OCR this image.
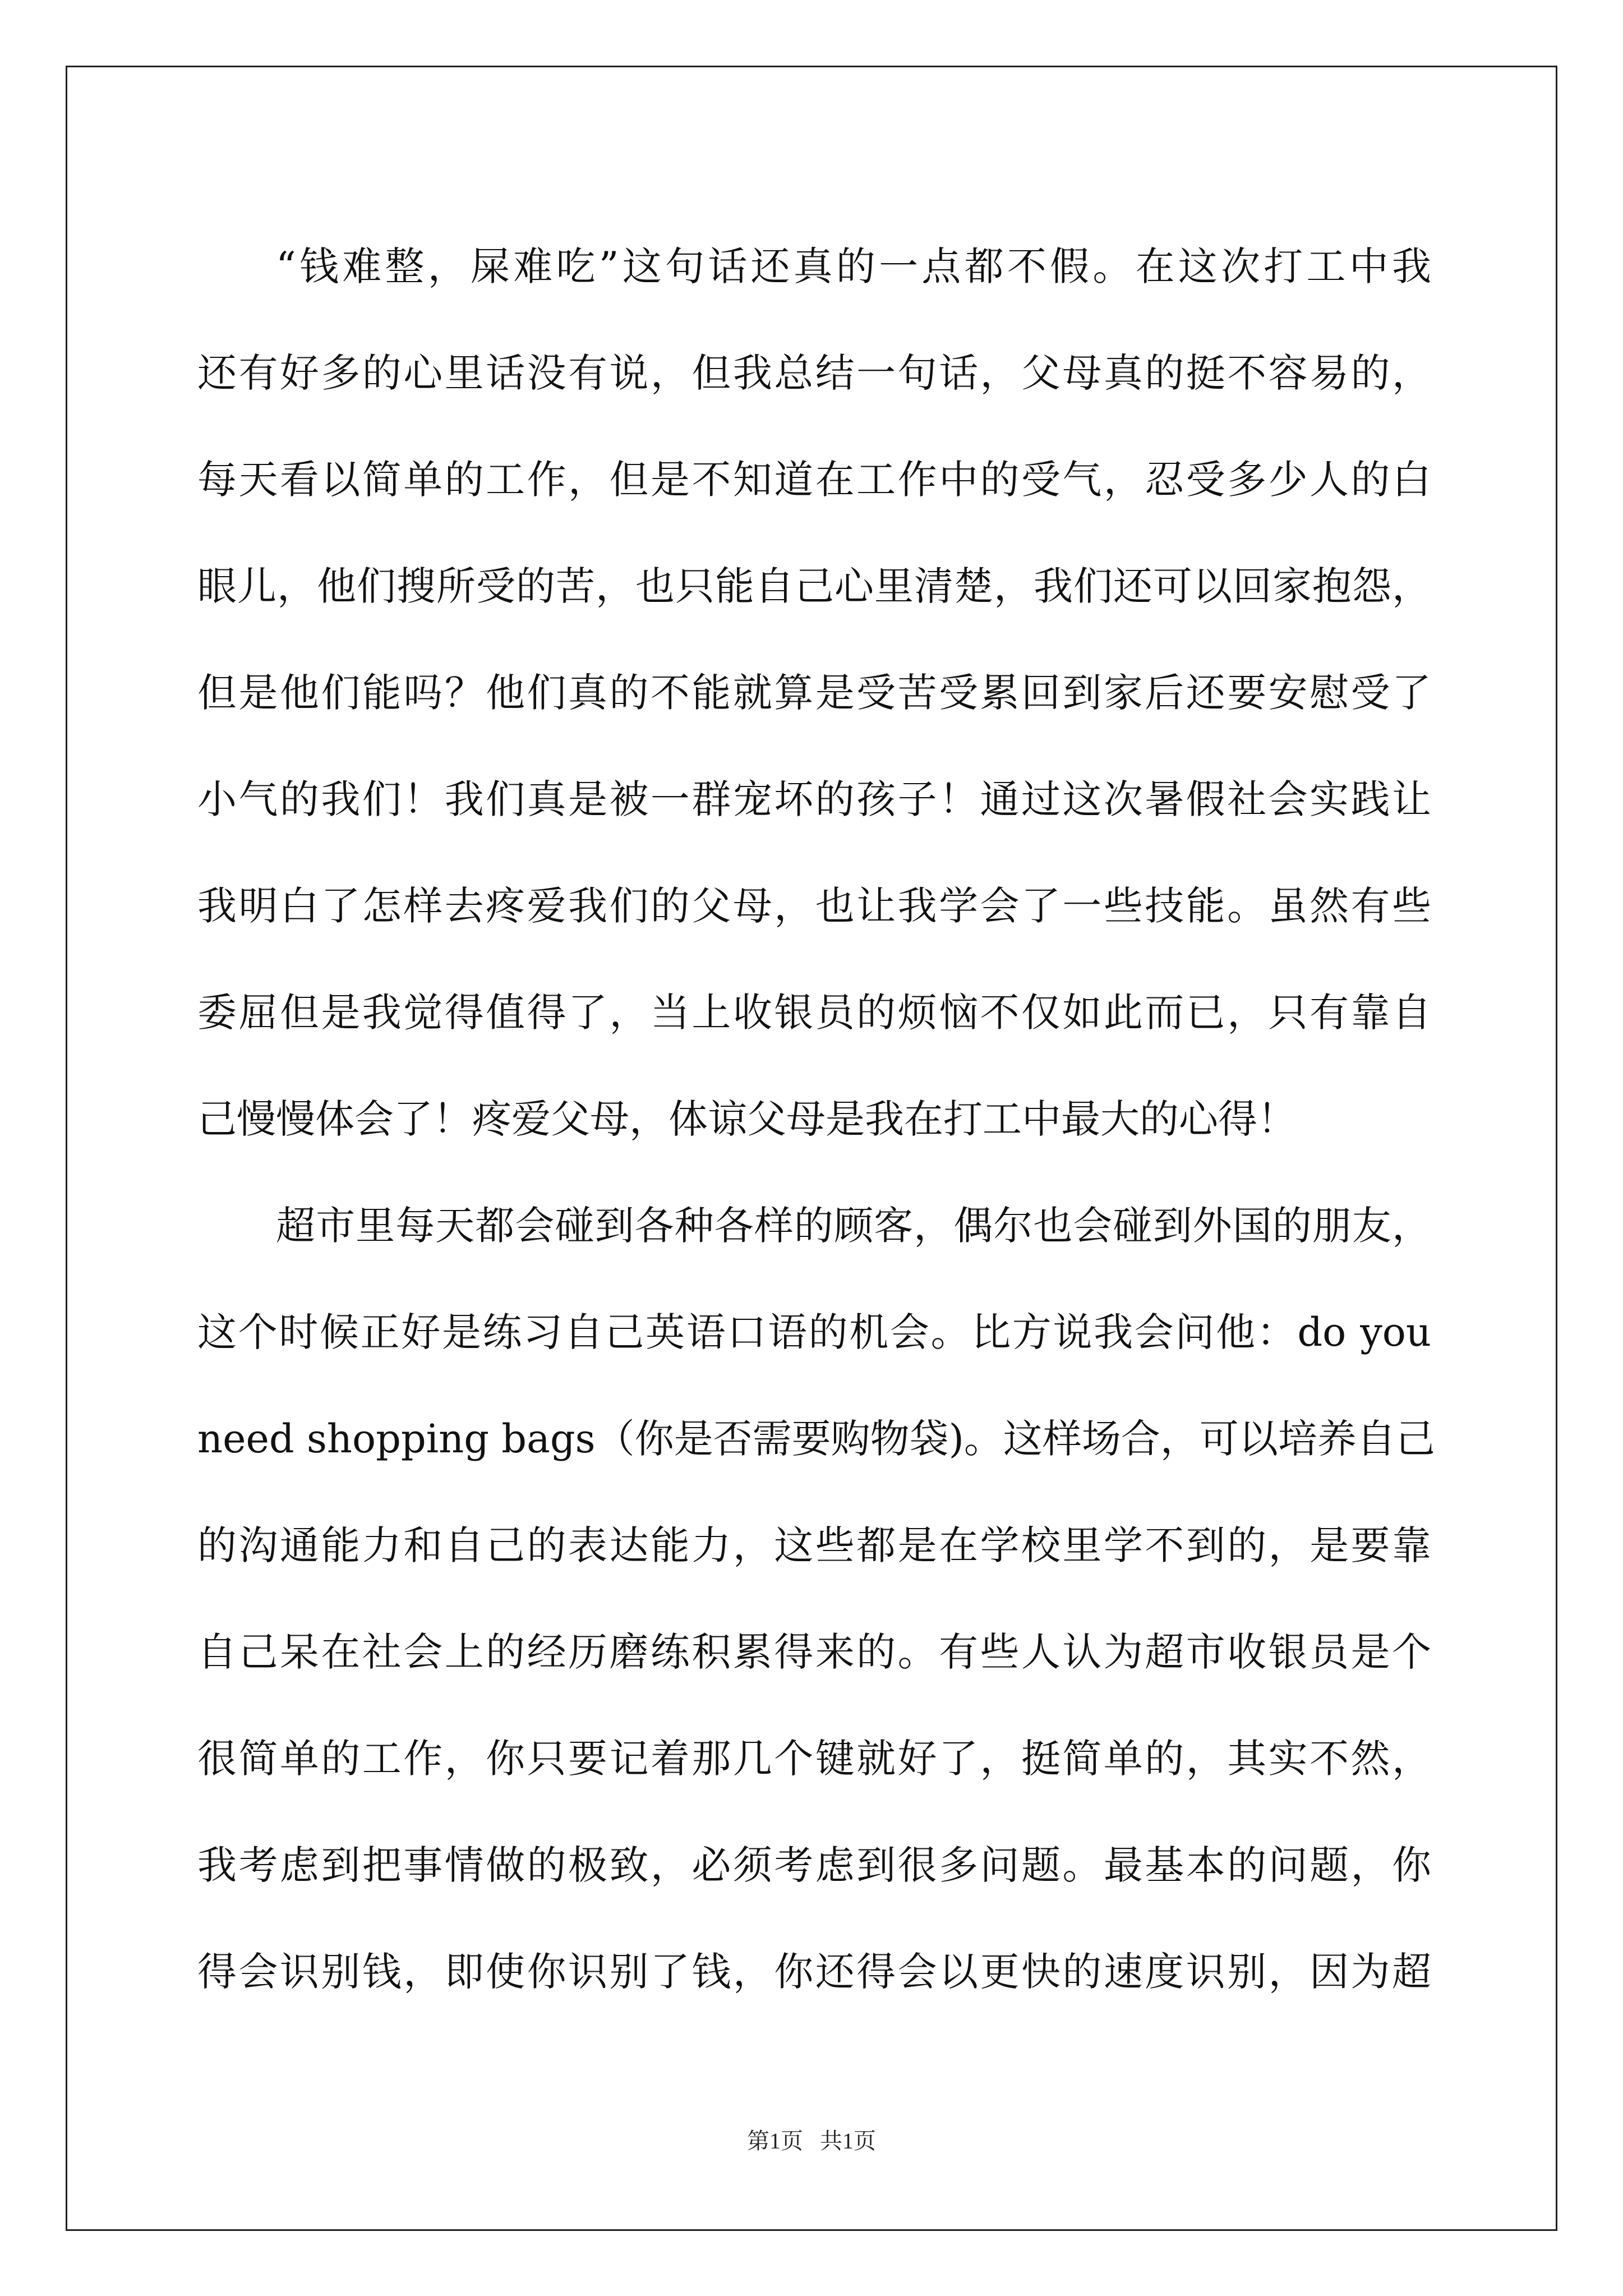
“钱难整，屎难吃”这句话还真的一点都不假。在这次打工中我
还有好多的心里话没有说，但我总结一句话，父母真的挺不容易的，
每天看以简单的工作，但是不知道在工作中的受气，忍受多少人的白
眼儿，他们搜所受的苦，也只能自己心里清楚，我们还可以回家抱怨，
但是他们能吗？他们真的不能就算是受苦受累回到家后还要安慰受了
小气的我们！我们真是被一群宠坏的孩子！通过这次暑假社会实践让
我明白了怎样去疼爱我们的父母，也让我学会了一些技能。虽然有些
委屈但是我觉得值得了，当上收银员的烦恼不仅如此而已，只有靠自
己慢慢体会了！疼爱父母，体谅父母是我在打工中最大的心得！
超市里每天都会碰到各种各样的顾客，偶尔也会碰到外国的朋友，
这个时候正好是练习自己英语口语的机会。比方说我会问他：do you
need shopping bags（你是否需要购物袋)。这样场合，可以培养自己
的沟通能力和自己的表达能力，这些都是在学校里学不到的，是要靠
自己呆在社会上的经历磨练积累得来的。有些人认为超市收银员是个
很简单的工作，你只要记着那几个键就好了，挺简单的，其实不然，
我考虑到把事情做的极致，必须考虑到很多问题。最基本的问题，你
得会识别钱，即使你识别了钱，你还得会以更快的速度识别，因为超
第1页   共1页
